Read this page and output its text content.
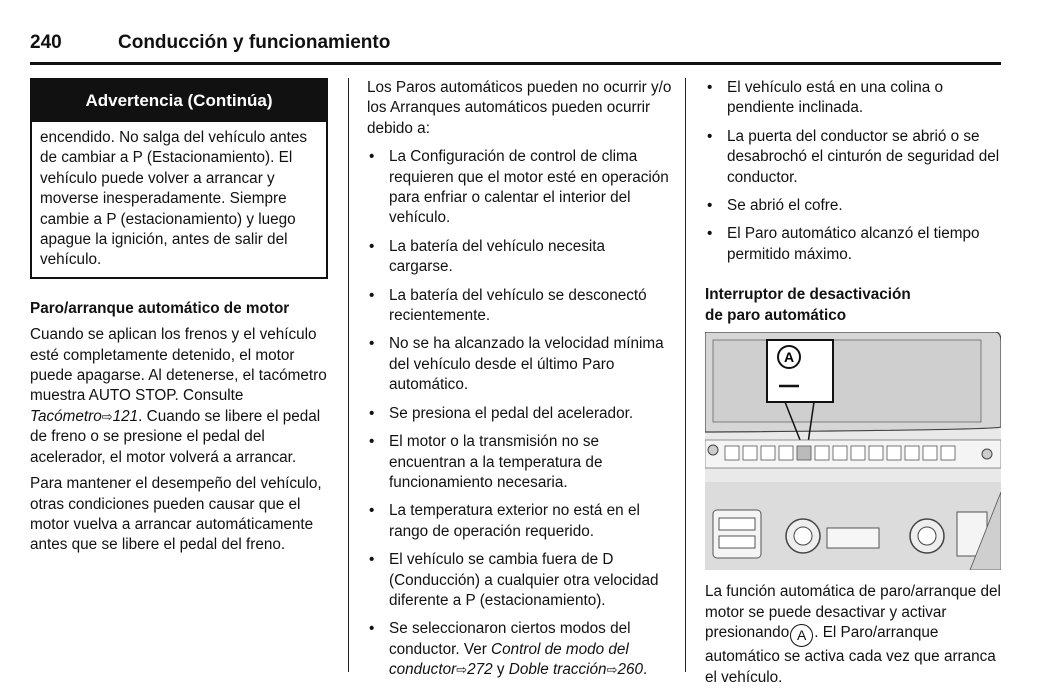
240	Conducción y funcionamiento
Advertencia (Continúa)
encendido. No salga del vehículo antes de cambiar a P (Estacionamiento). El vehículo puede volver a arrancar y moverse inesperadamente. Siempre cambie a P (estacionamiento) y luego apague la ignición, antes de salir del vehículo.

Paro/arranque automático de motor

Cuando se aplican los frenos y el vehículo esté completamente detenido, el motor puede apagarse. Al detenerse, el tacómetro muestra AUTO STOP. Consulte Tacómetro⇨121. Cuando se libere el pedal de freno o se presione el pedal del acelerador, el motor volverá a arrancar.

Para mantener el desempeño del vehículo, otras condiciones pueden causar que el motor vuelva a arrancar automáticamente antes que se libere el pedal del freno.

Los Paros automáticos pueden no ocurrir y/o los Arranques automáticos pueden ocurrir debido a:

• La Configuración de control de clima requieren que el motor esté en operación para enfriar o calentar el interior del vehículo.
• La batería del vehículo necesita cargarse.
• La batería del vehículo se desconectó recientemente.
• No se ha alcanzado la velocidad mínima del vehículo desde el último Paro automático.
• Se presiona el pedal del acelerador.
• El motor o la transmisión no se encuentran a la temperatura de funcionamiento necesaria.
• La temperatura exterior no está en el rango de operación requerido.
• El vehículo se cambia fuera de D (Conducción) a cualquier otra velocidad diferente a P (estacionamiento).
• Se seleccionaron ciertos modos del conductor. Ver Control de modo del conductor⇨272 y Doble tracción⇨260.
• El vehículo está en una colina o pendiente inclinada.
• La puerta del conductor se abrió o se desabrochó el cinturón de seguridad del conductor.
• Se abrió el cofre.
• El Paro automático alcanzó el tiempo permitido máximo.

Interruptor de desactivación de paro automático

A

La función automática de paro/arranque del motor se puede desactivar y activar presionando A . El Paro/arranque automático se activa cada vez que arranca el vehículo.
